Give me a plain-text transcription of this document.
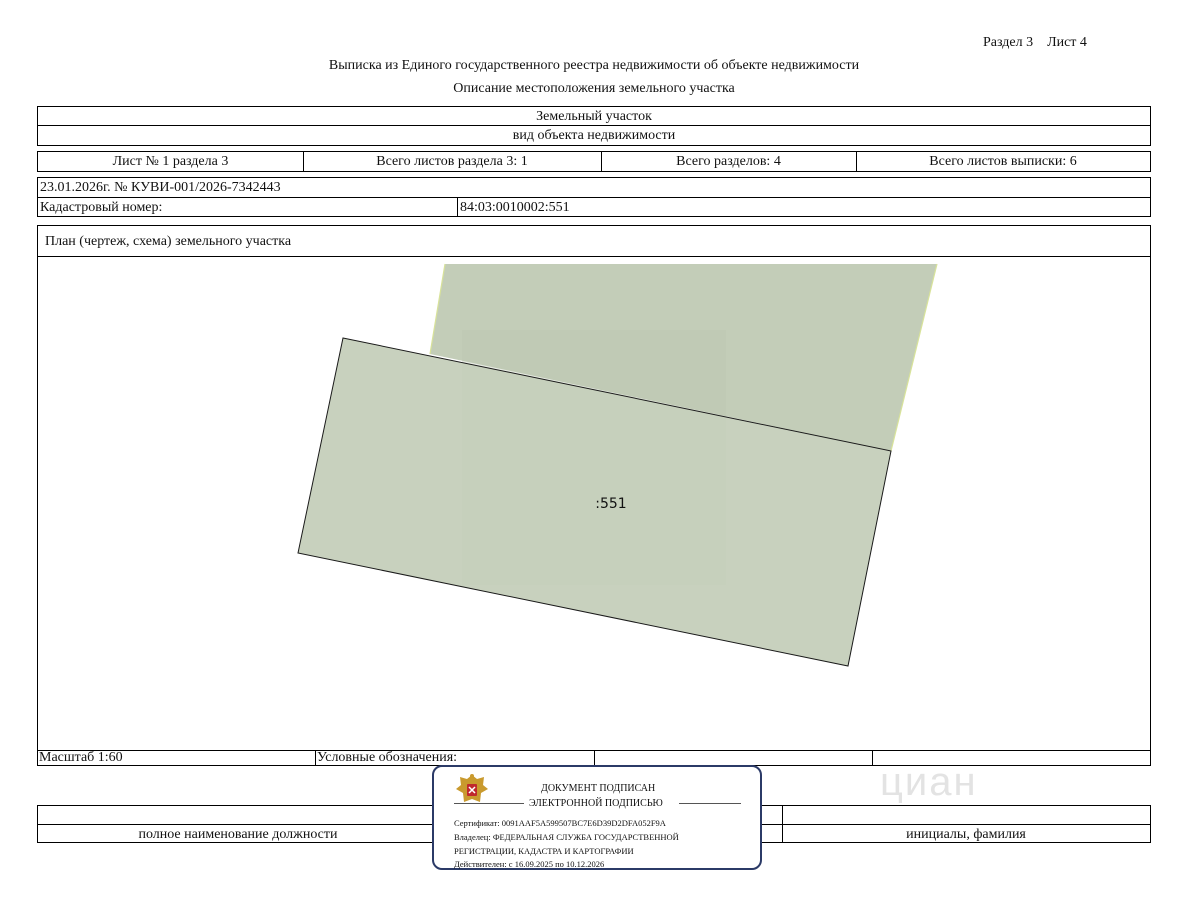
Раздел 3    Лист 4
Выписка из Единого государственного реестра недвижимости об объекте недвижимости
Описание местоположения земельного участка
Земельный участок
вид объекта недвижимости
Лист № 1 раздела 3	Всего листов раздела 3: 1	Всего разделов: 4	Всего листов выписки: 6
23.01.2026г. № КУВИ-001/2026-7342443
Кадастровый номер:	84:03:0010002:551
План (чертеж, схема) земельного участка
Масштаб 1:60	Условные обозначения:
:551
циан
полное наименование должности	инициалы, фамилия
ДОКУМЕНТ ПОДПИСАН
ЭЛЕКТРОННОЙ ПОДПИСЬЮ
Сертификат: 0091AAF5A599507BC7E6D39D2DFA052F9A
Владелец: ФЕДЕРАЛЬНАЯ СЛУЖБА ГОСУДАРСТВЕННОЙ
РЕГИСТРАЦИИ, КАДАСТРА И КАРТОГРАФИИ
Действителен: с 16.09.2025 по 10.12.2026
